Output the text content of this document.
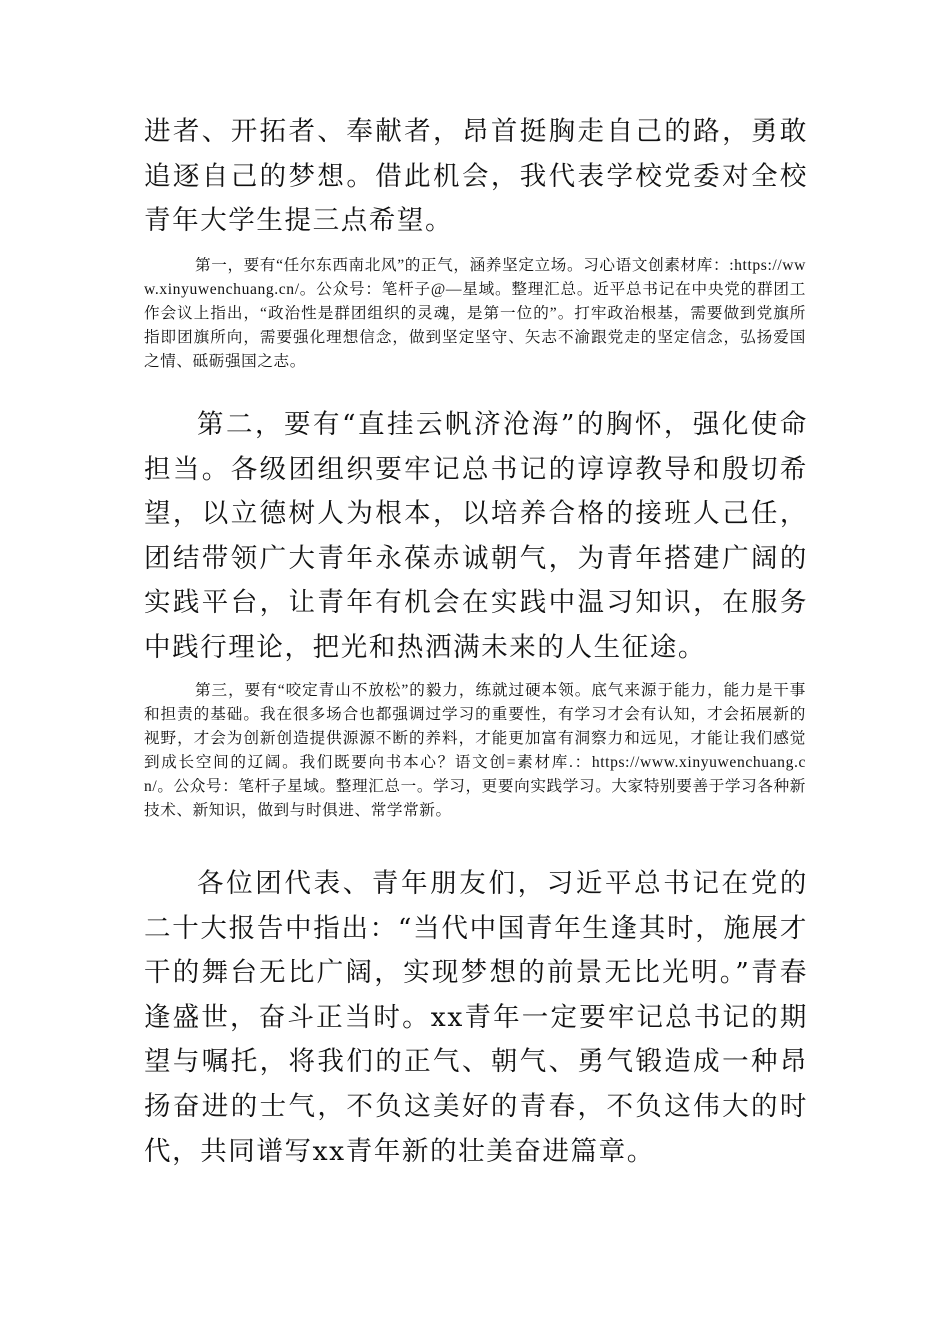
进者、开拓者、奉献者，昂首挺胸走自己的路，勇敢追逐自己的梦想。借此机会，我代表学校党委对全校青年大学生提三点希望。

第一，要有“任尔东西南北风”的正气，涵养坚定立场。习心语文创素材库：:https://www.xinyuwenchuang.cn/。公众号：笔杆子@—星域。整理汇总。近平总书记在中央党的群团工作会议上指出，“政治性是群团组织的灵魂，是第一位的”。打牢政治根基，需要做到党旗所指即团旗所向，需要强化理想信念，做到坚定坚守、矢志不渝跟党走的坚定信念，弘扬爱国之情、砥砺强国之志。

第二，要有“直挂云帆济沧海”的胸怀，强化使命担当。各级团组织要牢记总书记的谆谆教导和殷切希望，以立德树人为根本，以培养合格的接班人己任，团结带领广大青年永葆赤诚朝气，为青年搭建广阔的实践平台，让青年有机会在实践中温习知识，在服务中践行理论，把光和热洒满未来的人生征途。

第三，要有“咬定青山不放松”的毅力，练就过硬本领。底气来源于能力，能力是干事和担责的基础。我在很多场合也都强调过学习的重要性，有学习才会有认知，才会拓展新的视野，才会为创新创造提供源源不断的养料，才能更加富有洞察力和远见，才能让我们感觉到成长空间的辽阔。我们既要向书本心？语文创=素材库.：https://www.xinyuwenchuang.cn/。公众号：笔杆子星域。整理汇总一。学习，更要向实践学习。大家特别要善于学习各种新技术、新知识，做到与时俱进、常学常新。

各位团代表、青年朋友们，习近平总书记在党的二十大报告中指出：“当代中国青年生逢其时，施展才干的舞台无比广阔，实现梦想的前景无比光明。”青春逢盛世，奋斗正当时。xx青年一定要牢记总书记的期望与嘱托，将我们的正气、朝气、勇气锻造成一种昂扬奋进的士气，不负这美好的青春，不负这伟大的时代，共同谱写xx青年新的壮美奋进篇章。
